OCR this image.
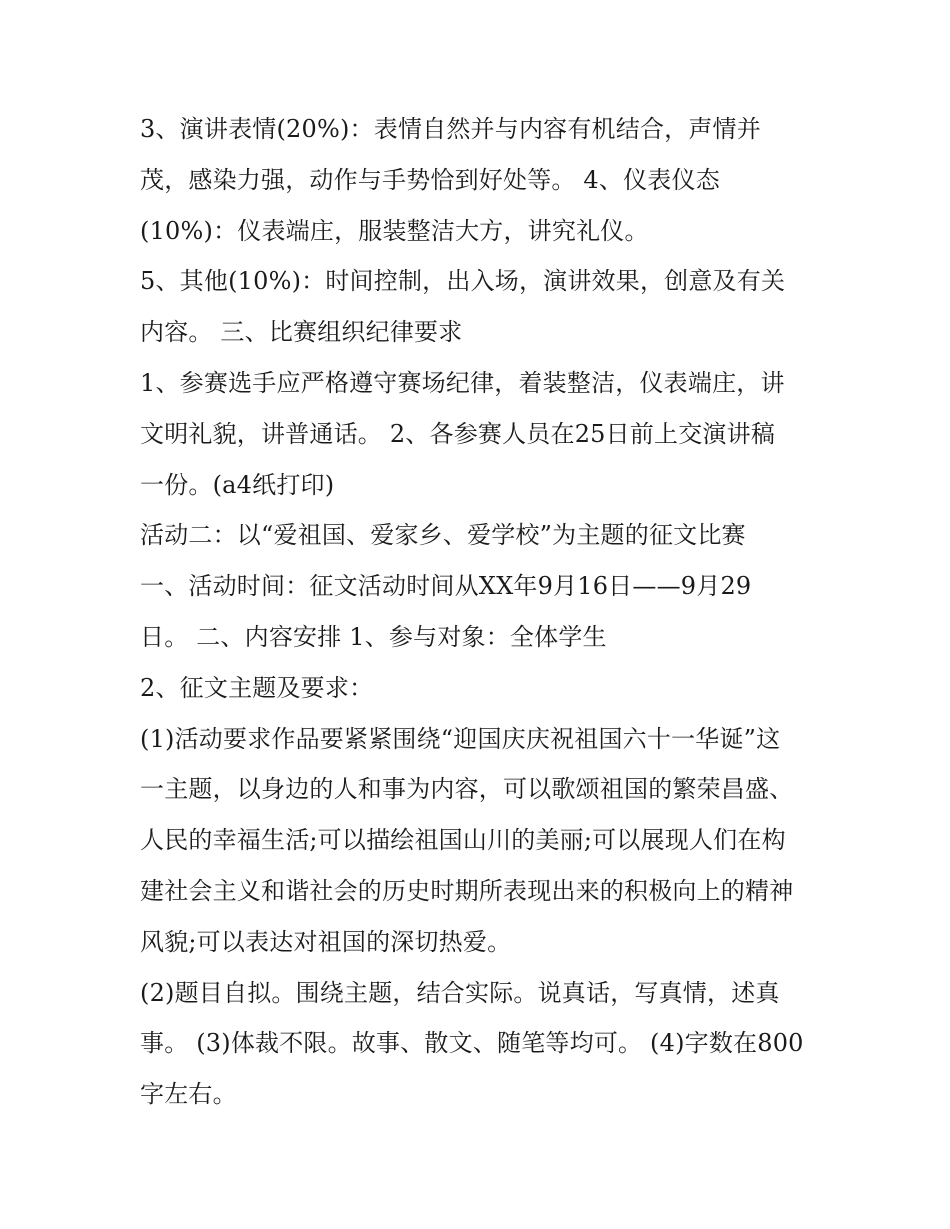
3、演讲表情(20%)：表情自然并与内容有机结合，声情并
茂，感染力强，动作与手势恰到好处等。 4、仪表仪态
(10%)：仪表端庄，服装整洁大方，讲究礼仪。
5、其他(10%)：时间控制，出入场，演讲效果，创意及有关
内容。 三、比赛组织纪律要求
1、参赛选手应严格遵守赛场纪律，着装整洁，仪表端庄，讲
文明礼貌，讲普通话。 2、各参赛人员在25日前上交演讲稿
一份。(a4纸打印)
活动二：以“爱祖国、爱家乡、爱学校”为主题的征文比赛
一、活动时间：征文活动时间从XX年9月16日——9月29
日。 二、内容安排 1、参与对象：全体学生
2、征文主题及要求：
(1)活动要求作品要紧紧围绕“迎国庆庆祝祖国六十一华诞”这
一主题，以身边的人和事为内容，可以歌颂祖国的繁荣昌盛、
人民的幸福生活;可以描绘祖国山川的美丽;可以展现人们在构
建社会主义和谐社会的历史时期所表现出来的积极向上的精神
风貌;可以表达对祖国的深切热爱。
(2)题目自拟。围绕主题，结合实际。说真话，写真情，述真
事。 (3)体裁不限。故事、散文、随笔等均可。 (4)字数在800
字左右。
